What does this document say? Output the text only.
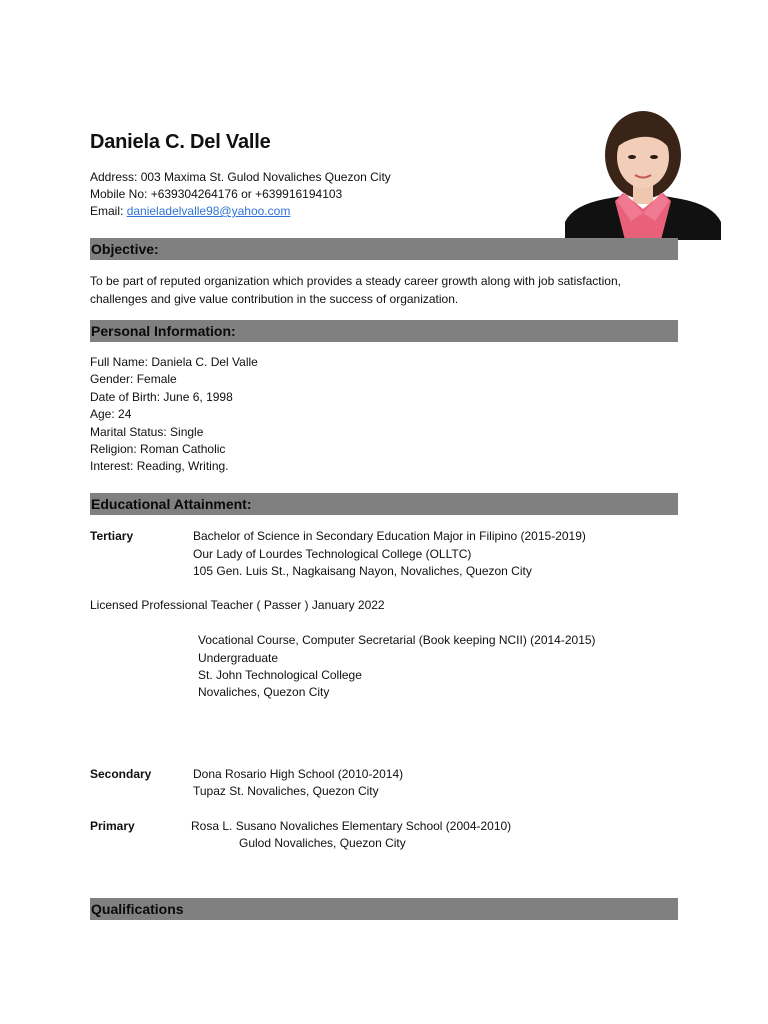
Daniela C. Del Valle
Address: 003 Maxima St. Gulod Novaliches Quezon City
Mobile No: +639304264176 or +639916194103
Email: danieladelvalle98@yahoo.com
Objective:
To be part of reputed organization which provides a steady career growth along with job satisfaction,
challenges and give value contribution in the success of organization.
Personal Information:
Full Name: Daniela C. Del Valle
Gender: Female
Date of Birth: June 6, 1998
Age: 24
Marital Status: Single
Religion: Roman Catholic
Interest: Reading, Writing.
Educational Attainment:
Tertiary	Bachelor of Science in Secondary Education Major in Filipino (2015-2019)
Our Lady of Lourdes Technological College (OLLTC)
105 Gen. Luis St., Nagkaisang Nayon, Novaliches, Quezon City
Licensed Professional Teacher ( Passer ) January 2022
Vocational Course, Computer Secretarial (Book keeping NCII) (2014-2015)
Undergraduate
St. John Technological College
Novaliches, Quezon City
Secondary	Dona Rosario High School (2010-2014)
Tupaz St. Novaliches, Quezon City
Primary	Rosa L. Susano Novaliches Elementary School (2004-2010)
Gulod Novaliches, Quezon City
Qualifications
